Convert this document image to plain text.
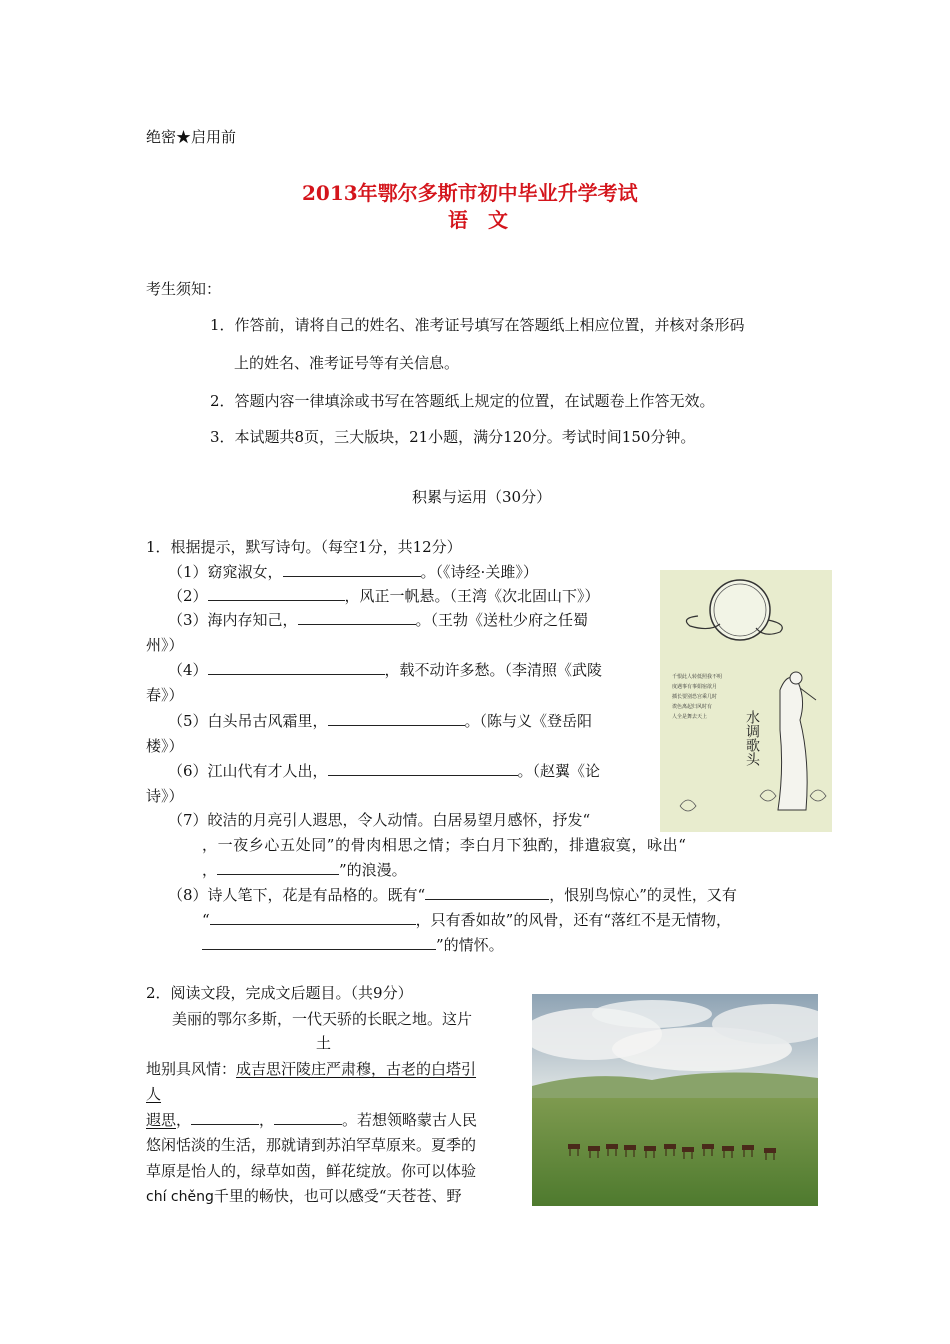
绝密★启用前
2013年鄂尔多斯市初中毕业升学考试
语　文
考生须知：
1．作答前，请将自己的姓名、准考证号填写在答题纸上相应位置，并核对条形码
上的姓名、准考证号等有关信息。
2．答题内容一律填涂或书写在答题纸上规定的位置，在试题卷上作答无效。
3．本试题共8页，三大版块，21小题，满分120分。考试时间150分钟。
积累与运用（30分）
1．根据提示，默写诗句。（每空1分，共12分）
（1）窈窕淑女，	。（《诗经·关雎》）
（2）	，风正一帆悬。（王湾《次北固山下》）
（3）海内存知己，	。（王勃《送杜少府之任蜀
州》）
（4）	，载不动许多愁。（李清照《武陵
春》）
（5）白头吊古风霜里，	。（陈与义《登岳阳
楼》）
（6）江山代有才人出，	。（赵翼《论
诗》）
（7）皎洁的月亮引人遐思，令人动情。白居易望月感怀，抒发“
，一夜乡心五处同”的骨肉相思之情；李白月下独酌，排遣寂寞，咏出“
，	”的浪漫。
（8）诗人笔下，花是有品格的。既有“	，恨别鸟惊心”的灵性，又有
“	，只有香如故”的风骨，还有“落红不是无情物，
”的情怀。
千恨此人转低照我不明
度遇事有事娟宿欲月
插长要别恐宫乘几时
诶色离起归风时有
人全是舞去天上	水调歌头
2．阅读文段，完成文后题目。（共9分）
美丽的鄂尔多斯，一代天骄的长眠之地。这片
土
地别具风情：成吉思汗陵庄严肃穆，古老的白塔引
人
遐思，	，	。若想领略蒙古人民
悠闲恬淡的生活，那就请到苏泊罕草原来。夏季的
草原是怡人的，绿草如茵，鲜花绽放。你可以体验
chí chěng千里的畅快，也可以感受“天苍苍、野
